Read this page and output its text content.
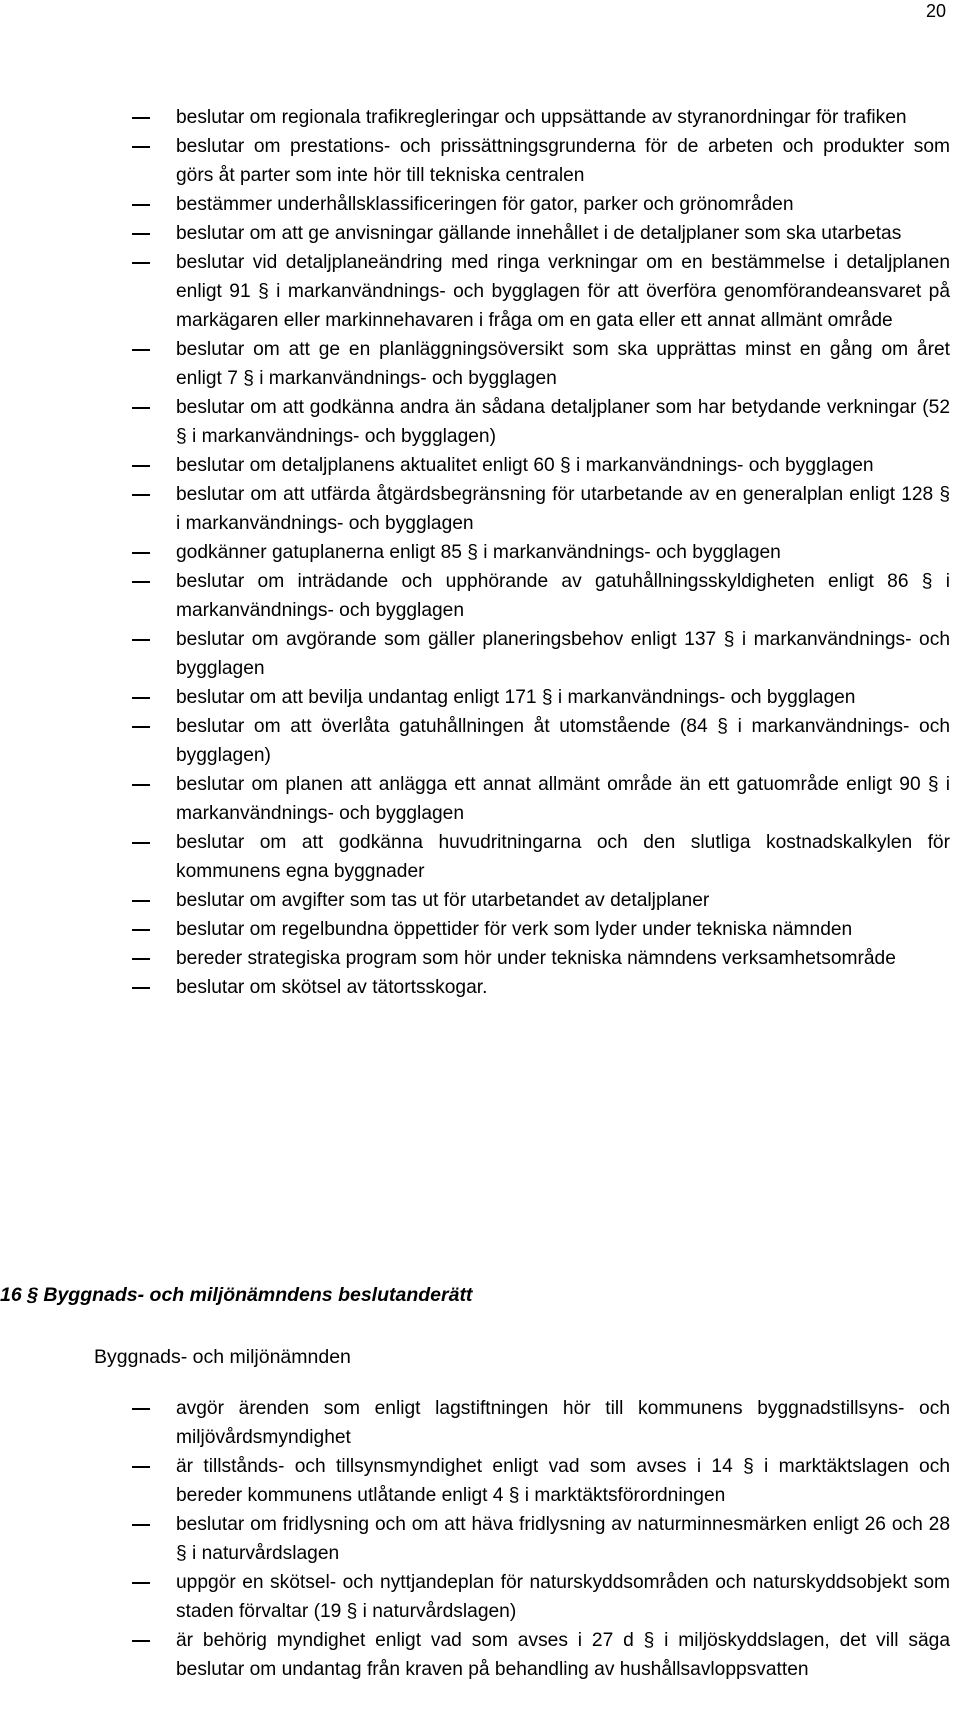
20
beslutar om regionala trafikregleringar och uppsättande av styranordningar för trafiken
beslutar om prestations- och prissättningsgrunderna för de arbeten och produkter som görs åt parter som inte hör till tekniska centralen
bestämmer underhållsklassificeringen för gator, parker och grönområden
beslutar om att ge anvisningar gällande innehållet i de detaljplaner som ska utarbetas
beslutar vid detaljplaneändring med ringa verkningar om en bestämmelse i detaljplanen enligt 91 § i markanvändnings- och bygglagen för att överföra genomförandeansvaret på markägaren eller markinnehavaren i fråga om en gata eller ett annat allmänt område
beslutar om att ge en planläggningsöversikt som ska upprättas minst en gång om året enligt 7 § i markanvändnings- och bygglagen
beslutar om att godkänna andra än sådana detaljplaner som har betydande verkningar (52 § i markanvändnings- och bygglagen)
beslutar om detaljplanens aktualitet enligt 60 § i markanvändnings- och bygglagen
beslutar om att utfärda åtgärdsbegränsning för utarbetande av en generalplan enligt 128 § i markanvändnings- och bygglagen
godkänner gatuplanerna enligt 85 § i markanvändnings- och bygglagen
beslutar om inträdande och upphörande av gatuhållningsskyldigheten enligt 86 § i markanvändnings- och bygglagen
beslutar om avgörande som gäller planeringsbehov enligt 137 § i markanvändnings- och bygglagen
beslutar om att bevilja undantag enligt 171 § i markanvändnings- och bygglagen
beslutar om att överlåta gatuhållningen åt utomstående (84 § i markanvändnings- och bygglagen)
beslutar om planen att anlägga ett annat allmänt område än ett gatuområde enligt 90 § i markanvändnings- och bygglagen
beslutar om att godkänna huvudritningarna och den slutliga kostnadskalkylen för kommunens egna byggnader
beslutar om avgifter som tas ut för utarbetandet av detaljplaner
beslutar om regelbundna öppettider för verk som lyder under tekniska nämnden
bereder strategiska program som hör under tekniska nämndens verksamhetsområde
beslutar om skötsel av tätortsskogar.
16 § Byggnads- och miljönämndens beslutanderätt
Byggnads- och miljönämnden
avgör ärenden som enligt lagstiftningen hör till kommunens byggnadstillsyns- och miljövårdsmyndighet
är tillstånds- och tillsynsmyndighet enligt vad som avses i 14 § i marktäktslagen och bereder kommunens utlåtande enligt 4 § i marktäktsförordningen
beslutar om fridlysning och om att häva fridlysning av naturminnesmärken enligt 26 och 28 § i naturvårdslagen
uppgör en skötsel- och nyttjandeplan för naturskyddsområden och naturskyddsobjekt som staden förvaltar (19 § i naturvårdslagen)
är behörig myndighet enligt vad som avses i 27 d § i miljöskyddslagen, det vill säga beslutar om undantag från kraven på behandling av hushållsavloppsvatten
